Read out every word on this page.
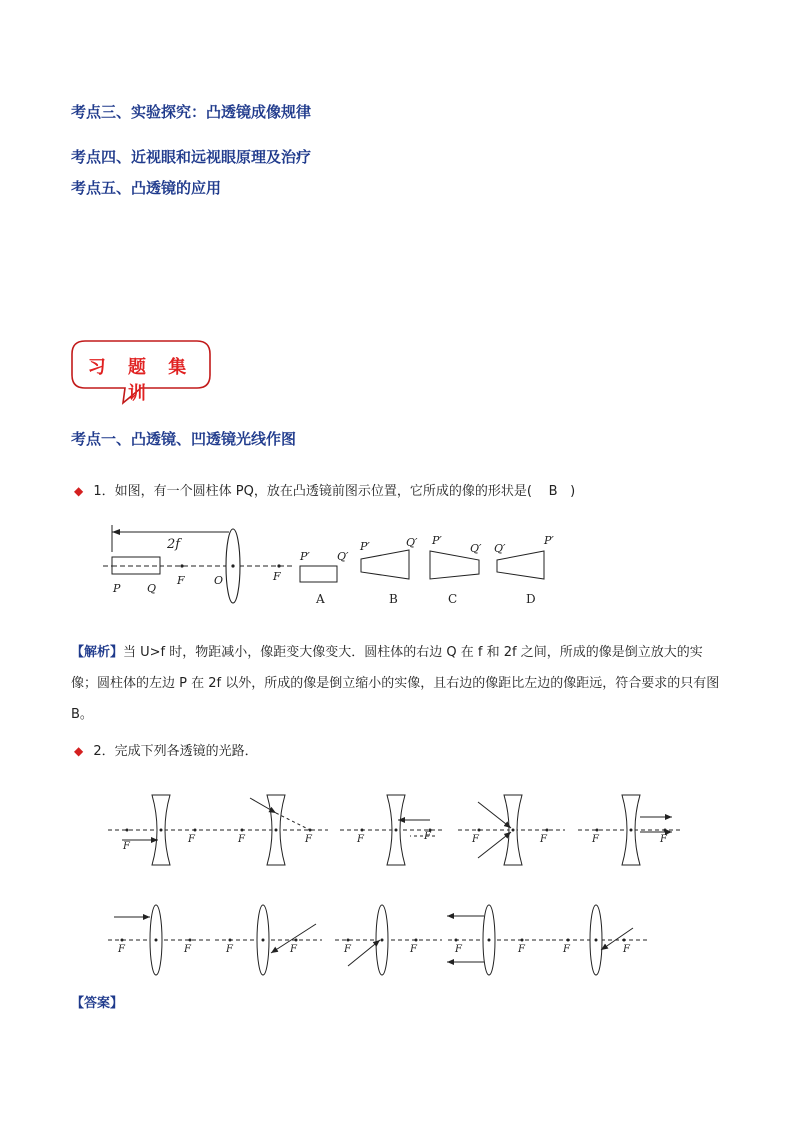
考点三、实验探究：凸透镜成像规律
考点四、近视眼和远视眼原理及治疗
考点五、凸透镜的应用
习 题 集 训
考点一、凸透镜、凹透镜光线作图
◆ 1．如图，有一个圆柱体 PQ，放在凸透镜前图示位置，它所成的像的形状是( B )
2f
P Q
F	O	F
P′ Q′
A
P′	Q′
B
P′
Q′
C
Q′
P′
D
【解析】当 U>f 时，物距减小，像距变大像变大．圆柱体的右边 Q 在 f 和 2f 之间，所成的像是倒立放大的实像；圆柱体的左边 P 在 2f 以外，所成的像是倒立缩小的实像，且右边的像距比左边的像距远，符合要求的只有图 B。
◆ 2．完成下列各透镜的光路．
F
F	F	F	F	F	F	F	F	F
F	F	F	F	F	F	F	F	F	F
【答案】
